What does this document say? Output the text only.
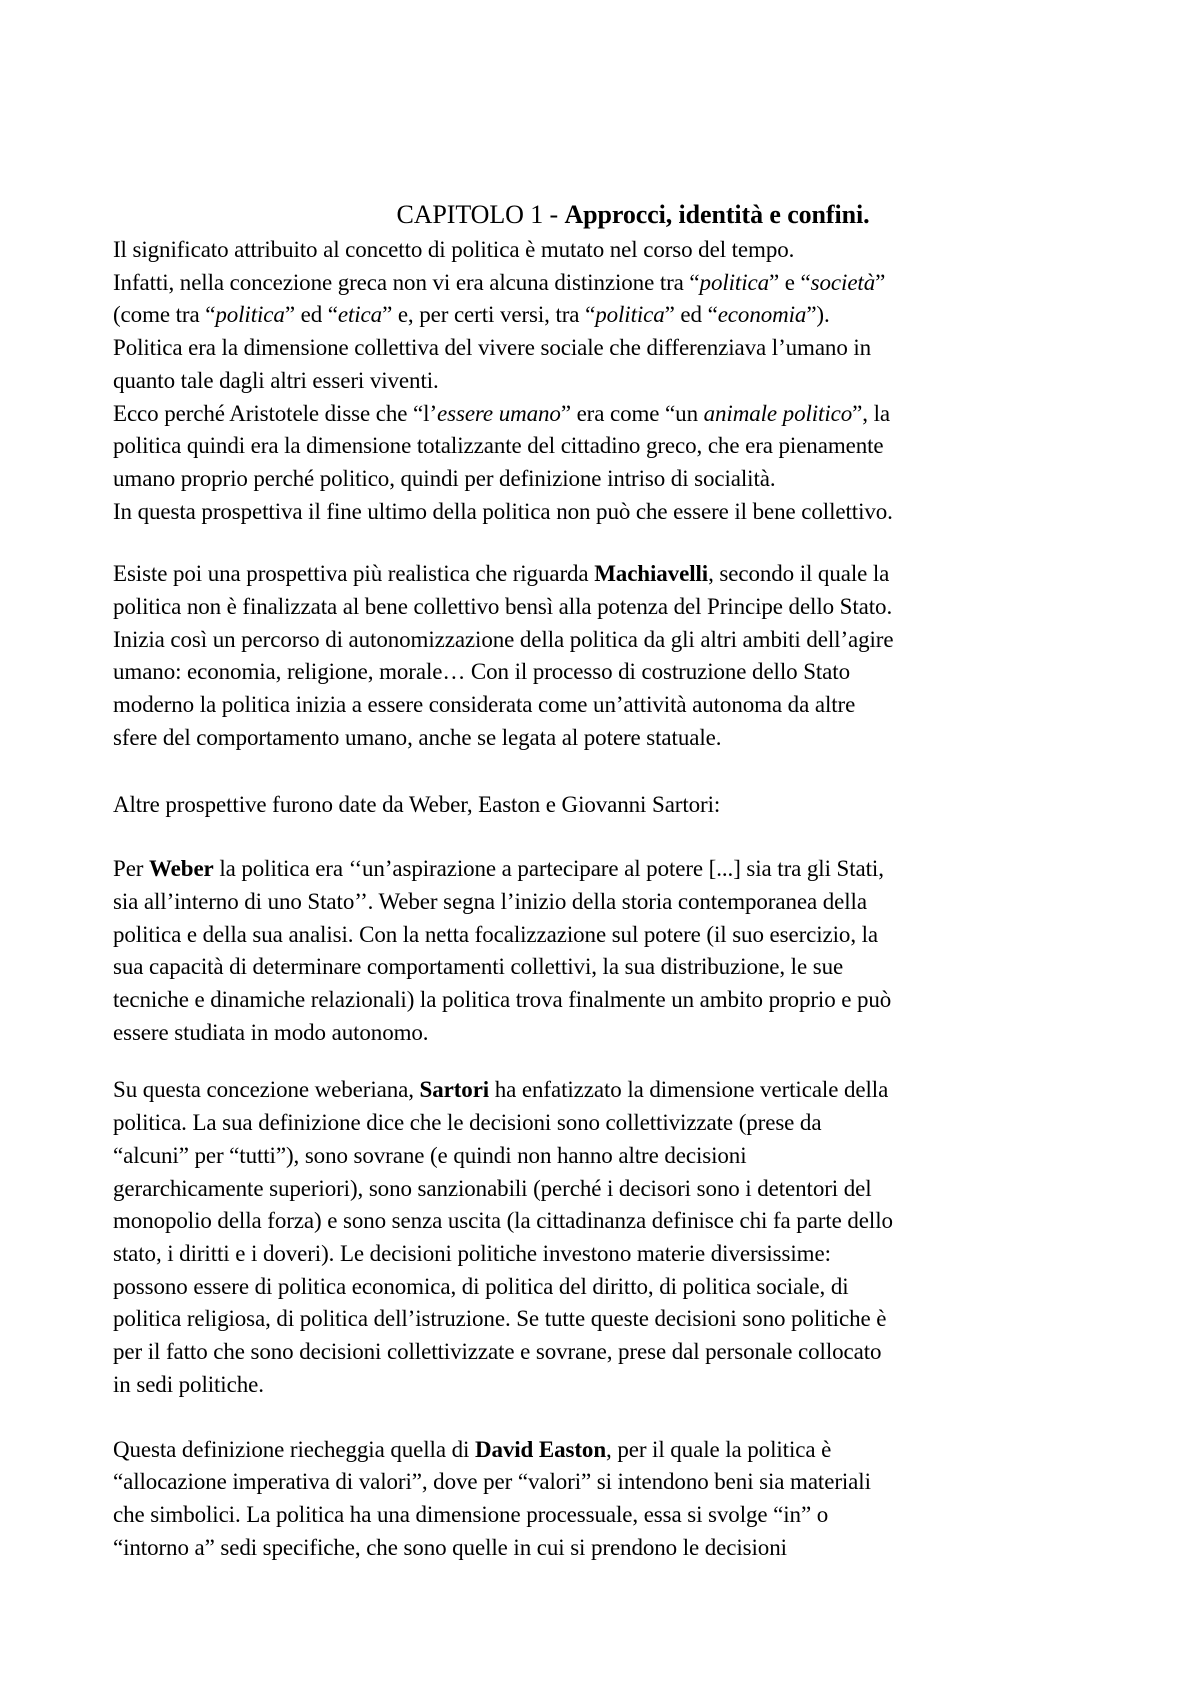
CAPITOLO 1 - Approcci, identità e confini.
Il significato attribuito al concetto di politica è mutato nel corso del tempo.
Infatti, nella concezione greca non vi era alcuna distinzione tra “politica” e “società”
(come tra “politica” ed “etica” e, per certi versi, tra “politica” ed “economia”).
Politica era la dimensione collettiva del vivere sociale che differenziava l’umano in
quanto tale dagli altri esseri viventi.
Ecco perché Aristotele disse che “l’essere umano” era come “un animale politico”, la
politica quindi era la dimensione totalizzante del cittadino greco, che era pienamente
umano proprio perché politico, quindi per definizione intriso di socialità.
In questa prospettiva il fine ultimo della politica non può che essere il bene collettivo.
Esiste poi una prospettiva più realistica che riguarda Machiavelli, secondo il quale la
politica non è finalizzata al bene collettivo bensì alla potenza del Principe dello Stato.
Inizia così un percorso di autonomizzazione della politica da gli altri ambiti dell’agire
umano: economia, religione, morale… Con il processo di costruzione dello Stato
moderno la politica inizia a essere considerata come un’attività autonoma da altre
sfere del comportamento umano, anche se legata al potere statuale.
Altre prospettive furono date da Weber, Easton e Giovanni Sartori:
Per Weber la politica era ‘‘un’aspirazione a partecipare al potere [...] sia tra gli Stati,
sia all’interno di uno Stato’’. Weber segna l’inizio della storia contemporanea della
politica e della sua analisi. Con la netta focalizzazione sul potere (il suo esercizio, la
sua capacità di determinare comportamenti collettivi, la sua distribuzione, le sue
tecniche e dinamiche relazionali) la politica trova finalmente un ambito proprio e può
essere studiata in modo autonomo.
Su questa concezione weberiana, Sartori ha enfatizzato la dimensione verticale della
politica. La sua definizione dice che le decisioni sono collettivizzate (prese da
“alcuni” per “tutti”), sono sovrane (e quindi non hanno altre decisioni
gerarchicamente superiori), sono sanzionabili (perché i decisori sono i detentori del
monopolio della forza) e sono senza uscita (la cittadinanza definisce chi fa parte dello
stato, i diritti e i doveri). Le decisioni politiche investono materie diversissime:
possono essere di politica economica, di politica del diritto, di politica sociale, di
politica religiosa, di politica dell’istruzione. Se tutte queste decisioni sono politiche è
per il fatto che sono decisioni collettivizzate e sovrane, prese dal personale collocato
in sedi politiche.
Questa definizione riecheggia quella di David Easton, per il quale la politica è
“allocazione imperativa di valori”, dove per “valori” si intendono beni sia materiali
che simbolici. La politica ha una dimensione processuale, essa si svolge “in” o
“intorno a” sedi specifiche, che sono quelle in cui si prendono le decisioni
